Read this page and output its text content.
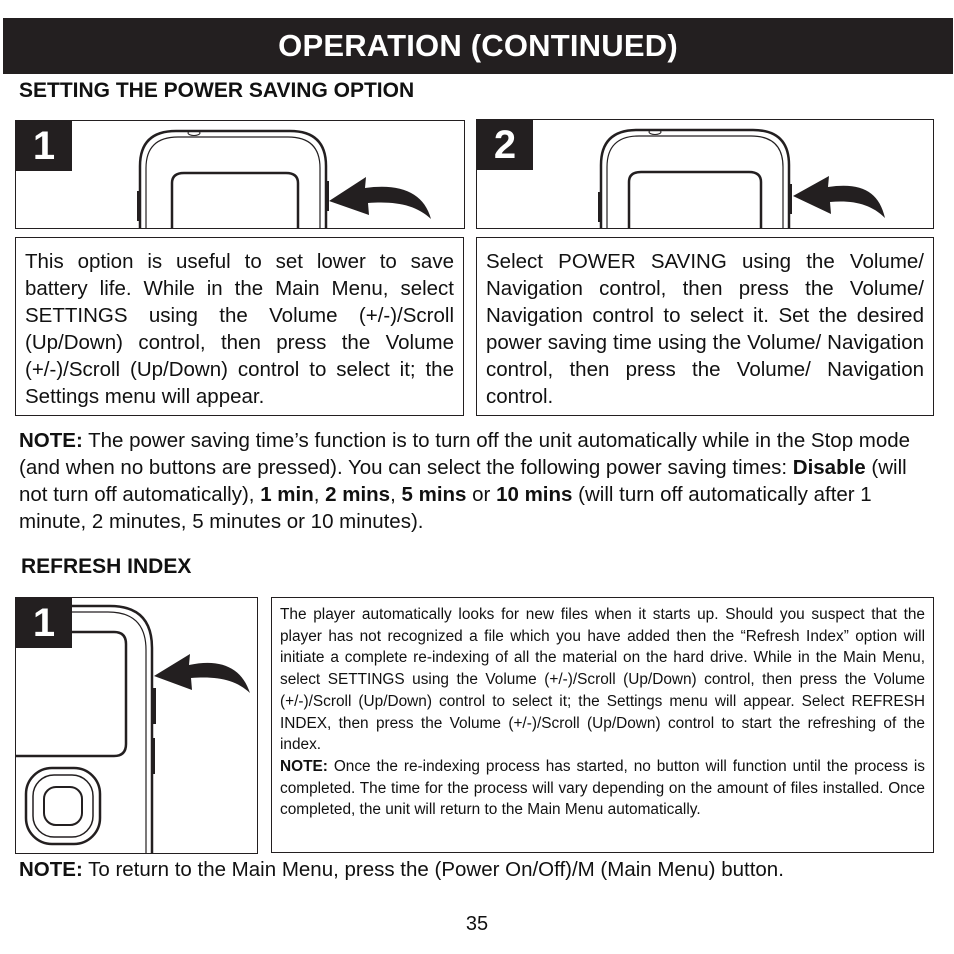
OPERATION (CONTINUED)
SETTING THE POWER SAVING OPTION
1	2

This option is useful to set lower to save battery life. While in the Main Menu, select SETTINGS using the Volume (+/-)/Scroll (Up/Down) control, then press the Volume (+/-)/Scroll (Up/Down) control to select it; the Settings menu will appear.

Select POWER SAVING using the Volume/ Navigation control, then press the Volume/ Navigation control to select it. Set the desired power saving time using the Volume/ Navigation control, then press the Volume/ Navigation control.

NOTE: The power saving time’s function is to turn off the unit automatically while in the Stop mode (and when no buttons are pressed). You can select the following power saving times: Disable (will not turn off automatically), 1 min, 2 mins, 5 mins or 10 mins (will turn off automatically after 1 minute, 2 minutes, 5 minutes or 10 minutes).
REFRESH INDEX
1	The player automatically looks for new files when it starts up. Should you suspect that the player has not recognized a file which you have added then the “Refresh Index” option will initiate a complete re-indexing of all the material on the hard drive. While in the Main Menu, select SETTINGS using the Volume (+/-)/Scroll (Up/Down) control, then press the Volume (+/-)/Scroll (Up/Down) control to select it; the Settings menu will appear. Select REFRESH INDEX, then press the Volume (+/-)/Scroll (Up/Down) control to start the refreshing of the index.

NOTE: Once the re-indexing process has started, no button will function until the process is completed. The time for the process will vary depending on the amount of files installed. Once completed, the unit will return to the Main Menu automatically.

NOTE: To return to the Main Menu, press the (Power On/Off)/M (Main Menu) button.
35
